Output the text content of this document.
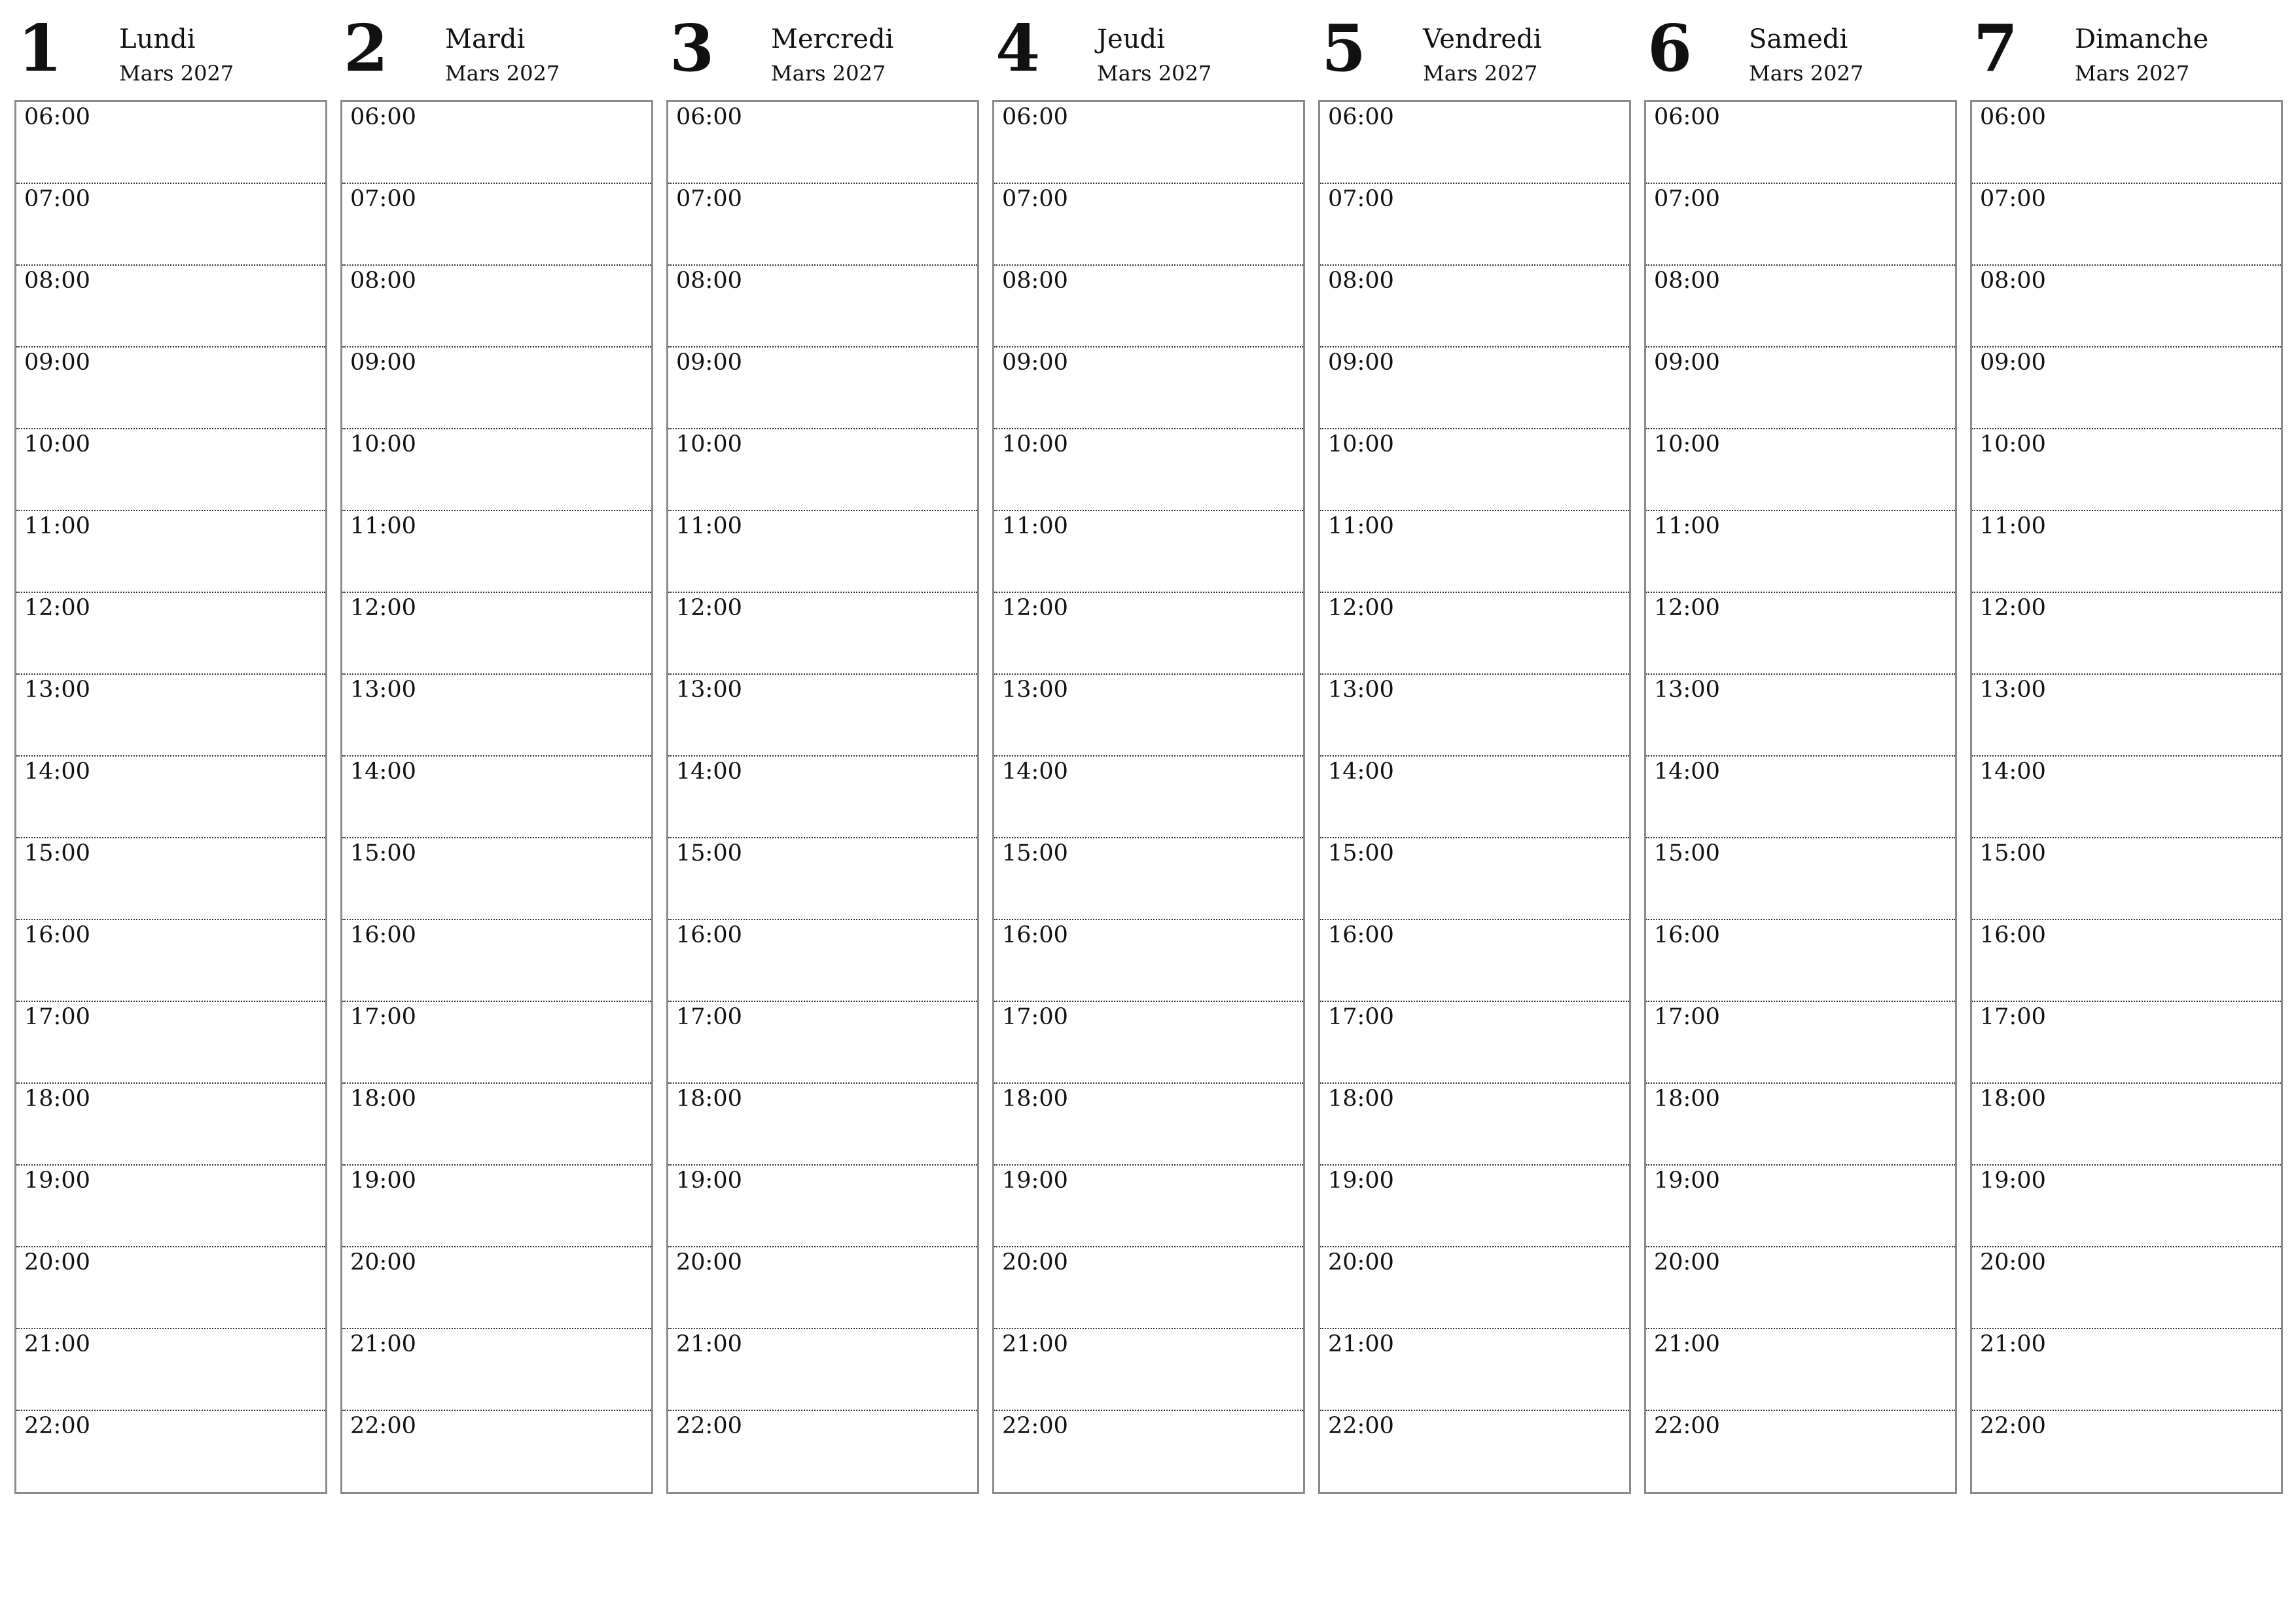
1 Lundi
Mars 2027
06:00
07:00
08:00
09:00
10:00
11:00
12:00
13:00
14:00
15:00
16:00
17:00
18:00
19:00
20:00
21:00
22:00
2 Mardi
Mars 2027
06:00
07:00
08:00
09:00
10:00
11:00
12:00
13:00
14:00
15:00
16:00
17:00
18:00
19:00
20:00
21:00
22:00
3 Mercredi
Mars 2027
06:00
07:00
08:00
09:00
10:00
11:00
12:00
13:00
14:00
15:00
16:00
17:00
18:00
19:00
20:00
21:00
22:00
4 Jeudi
Mars 2027
06:00
07:00
08:00
09:00
10:00
11:00
12:00
13:00
14:00
15:00
16:00
17:00
18:00
19:00
20:00
21:00
22:00
5 Vendredi
Mars 2027
06:00
07:00
08:00
09:00
10:00
11:00
12:00
13:00
14:00
15:00
16:00
17:00
18:00
19:00
20:00
21:00
22:00
6 Samedi
Mars 2027
06:00
07:00
08:00
09:00
10:00
11:00
12:00
13:00
14:00
15:00
16:00
17:00
18:00
19:00
20:00
21:00
22:00
7 Dimanche
Mars 2027
06:00
07:00
08:00
09:00
10:00
11:00
12:00
13:00
14:00
15:00
16:00
17:00
18:00
19:00
20:00
21:00
22:00
